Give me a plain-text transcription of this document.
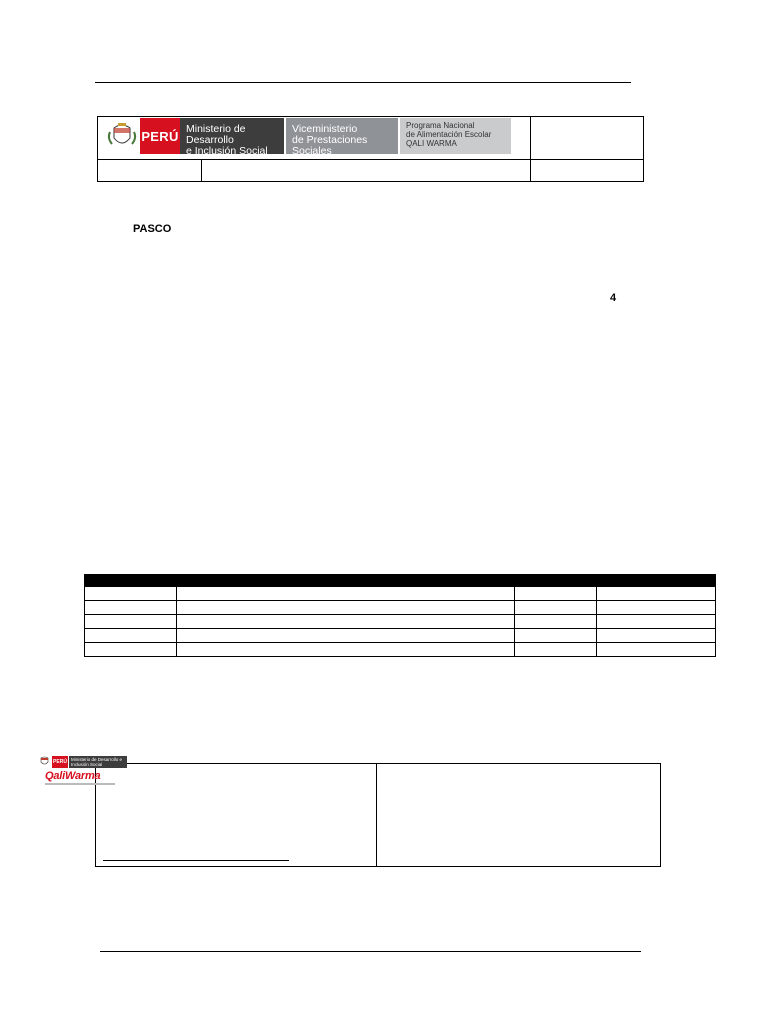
PERÚ Ministerio de Desarrollo
e Inclusión Social
Viceministerio
de Prestaciones Sociales
Programa Nacional
de Alimentación Escolar
QALI WARMA
PASCO
4

PERÚ Ministerio de Desarrollo e Inclusión Social
QaliWarma
